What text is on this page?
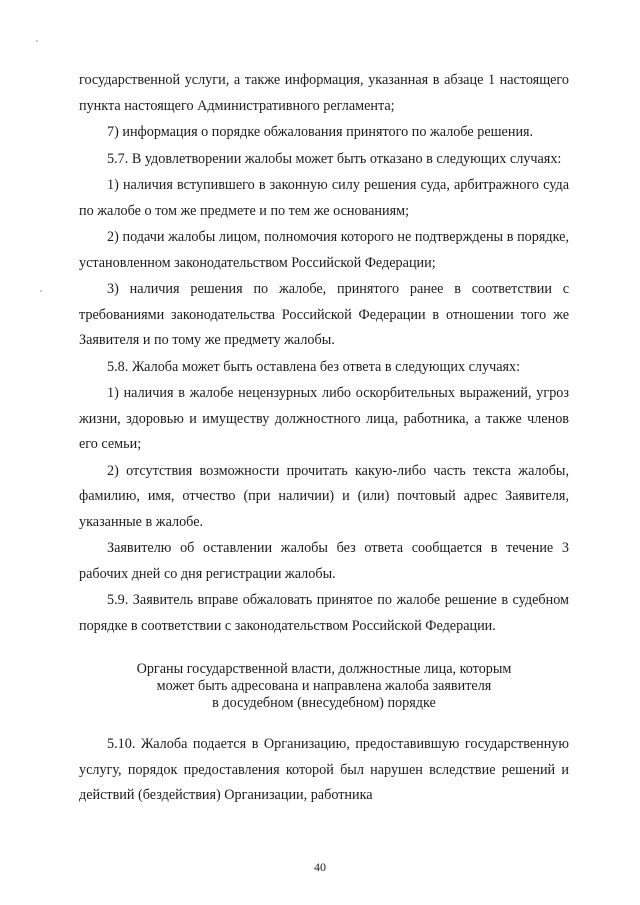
государственной услуги, а также информация, указанная в абзаце 1 настоящего пункта настоящего Административного регламента;

7) информация о порядке обжалования принятого по жалобе решения.

5.7. В удовлетворении жалобы может быть отказано в следующих случаях:

1) наличия вступившего в законную силу решения суда, арбитражного суда по жалобе о том же предмете и по тем же основаниям;

2) подачи жалобы лицом, полномочия которого не подтверждены в порядке, установленном законодательством Российской Федерации;

3) наличия решения по жалобе, принятого ранее в соответствии с требованиями законодательства Российской Федерации в отношении того же Заявителя и по тому же предмету жалобы.

5.8. Жалоба может быть оставлена без ответа в следующих случаях:

1) наличия в жалобе нецензурных либо оскорбительных выражений, угроз жизни, здоровью и имуществу должностного лица, работника, а также членов его семьи;

2) отсутствия возможности прочитать какую-либо часть текста жалобы, фамилию, имя, отчество (при наличии) и (или) почтовый адрес Заявителя, указанные в жалобе.

Заявителю об оставлении жалобы без ответа сообщается в течение 3 рабочих дней со дня регистрации жалобы.

5.9. Заявитель вправе обжаловать принятое по жалобе решение в судебном порядке в соответствии с законодательством Российской Федерации.

Органы государственной власти, должностные лица, которым
может быть адресована и направлена жалоба заявителя
в досудебном (внесудебном) порядке

5.10. Жалоба подается в Организацию, предоставившую государственную услугу, порядок предоставления которой был нарушен вследствие решений и действий (бездействия) Организации, работника

40
